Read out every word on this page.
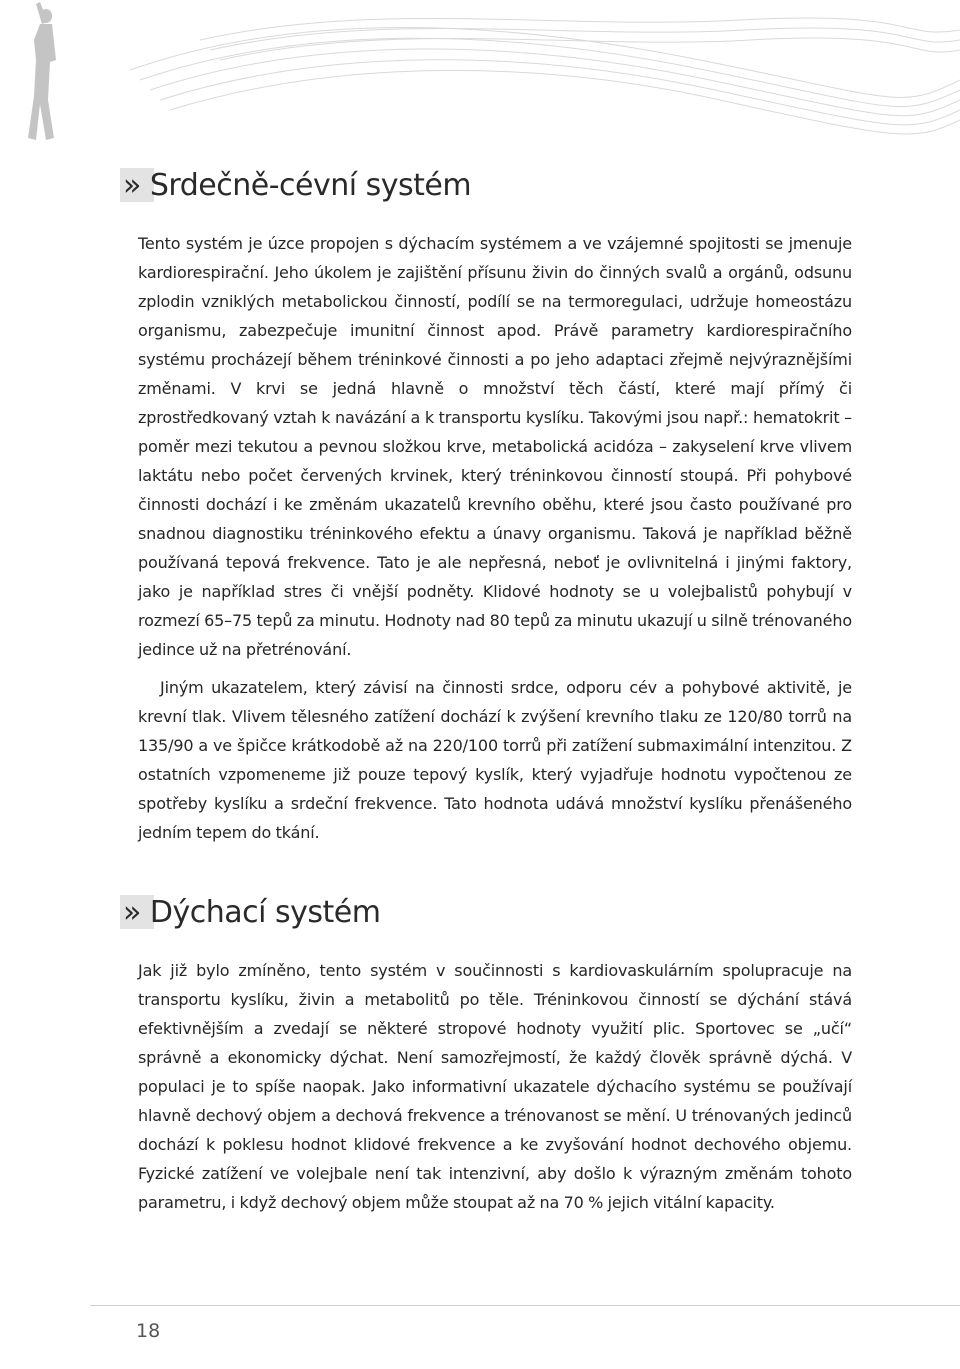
» Srdečně-cévní systém

Tento systém je úzce propojen s dýchacím systémem a ve vzájemné spojitosti se jmenuje kardiorespirační. Jeho úkolem je zajištění přísunu živin do činných svalů a orgánů, odsunu zplodin vzniklých metabolickou činností, podílí se na termoregulaci, udržuje homeostázu organismu, zabezpečuje imunitní činnost apod. Právě parametry kardiorespiračního systému procházejí během tréninkové činnosti a po jeho adaptaci zřejmě nejvýraznějšími změnami. V krvi se jedná hlavně o množství těch částí, které mají přímý či zprostředkovaný vztah k navázání a k transportu kyslíku. Takovými jsou např.: hematokrit – poměr mezi tekutou a pevnou složkou krve, metabolická acidóza – zakyselení krve vlivem laktátu nebo počet červených krvinek, který tréninkovou činností stoupá. Při pohybové činnosti dochází i ke změnám ukazatelů krevního oběhu, které jsou často používané pro snadnou diagnostiku tréninkového efektu a únavy organismu. Taková je například běžně používaná tepová frekvence. Tato je ale nepřesná, neboť je ovlivnitelná i jinými faktory, jako je například stres či vnější podněty. Klidové hodnoty se u volejbalistů pohybují v rozmezí 65–75 tepů za minutu. Hodnoty nad 80 tepů za minutu ukazují u silně trénovaného jedince už na přetrénování.

Jiným ukazatelem, který závisí na činnosti srdce, odporu cév a pohybové aktivitě, je krevní tlak. Vlivem tělesného zatížení dochází k zvýšení krevního tlaku ze 120/80 torrů na 135/90 a ve špičce krátkodobě až na 220/100 torrů při zatížení submaximální intenzitou. Z ostatních vzpomeneme již pouze tepový kyslík, který vyjadřuje hodnotu vypočtenou ze spotřeby kyslíku a srdeční frekvence. Tato hodnota udává množství kyslíku přenášeného jedním tepem do tkání.

» Dýchací systém

Jak již bylo zmíněno, tento systém v součinnosti s kardiovaskulárním spolupracuje na transportu kyslíku, živin a metabolitů po těle. Tréninkovou činností se dýchání stává efektivnějším a zvedají se některé stropové hodnoty využití plic. Sportovec se „učí“ správně a ekonomicky dýchat. Není samozřejmostí, že každý člověk správně dýchá. V populaci je to spíše naopak. Jako informativní ukazatele dýchacího systému se používají hlavně dechový objem a dechová frekvence a trénovanost se mění. U trénovaných jedinců dochází k poklesu hodnot klidové frekvence a ke zvyšování hodnot dechového objemu. Fyzické zatížení ve volejbale není tak intenzivní, aby došlo k výrazným změnám tohoto parametru, i když dechový objem může stoupat až na 70 % jejich vitální kapacity.

18
